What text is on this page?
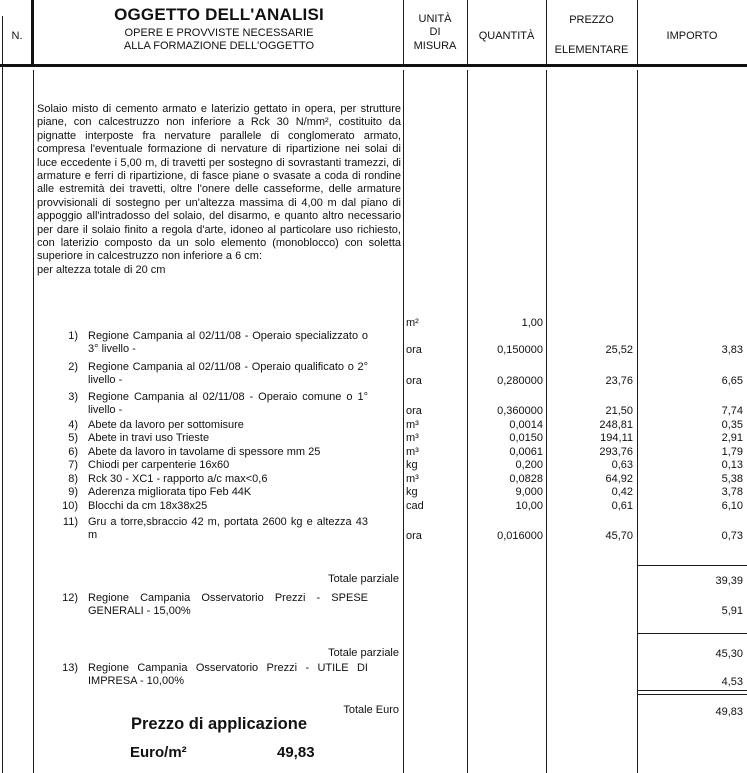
N.
OGGETTO DELL'ANALISI
OPERE E PROVVISTE NECESSARIE
ALLA FORMAZIONE DELL'OGGETTO
UNITÀ
DI
MISURA
QUANTITÀ
PREZZO
ELEMENTARE
IMPORTO
Solaio misto di cemento armato e laterizio gettato in opera, per strutture piane, con calcestruzzo non inferiore a Rck 30 N/mm², costituito da pignatte interposte fra nervature parallele di conglomerato armato, compresa l'eventuale formazione di nervature di ripartizione nei solai di luce eccedente i 5,00 m, di travetti per sostegno di sovrastanti tramezzi, di armature e ferri di ripartizione, di fasce piane o svasate a coda di rondine alle estremità dei travetti, oltre l'onere delle casseforme, delle armature provvisionali di sostegno per un'altezza massima di 4,00 m dal piano di appoggio all'intradosso del solaio, del disarmo, e quanto altro necessario per dare il solaio finito a regola d'arte, idoneo al particolare uso richiesto, con laterizio composto da un solo elemento (monoblocco) con soletta superiore in calcestruzzo non inferiore a 6 cm:
per altezza totale di 20 cm
m²	1,00
1) Regione Campania al 02/11/08 - Operaio specializzato o 3° livello -	ora	0,150000	25,52	3,83
2) Regione Campania al 02/11/08 - Operaio qualificato o 2° livello -	ora	0,280000	23,76	6,65
3) Regione Campania al 02/11/08 - Operaio comune o 1° livello -	ora	0,360000	21,50	7,74
4) Abete da lavoro per sottomisure	m³	0,0014	248,81	0,35
5) Abete in travi uso Trieste	m³	0,0150	194,11	2,91
6) Abete da lavoro in tavolame di spessore mm 25	m³	0,0061	293,76	1,79
7) Chiodi per carpenterie 16x60	kg	0,200	0,63	0,13
8) Rck 30 - XC1 - rapporto a/c max<0,6	m³	0,0828	64,92	5,38
9) Aderenza migliorata tipo Feb 44K	kg	9,000	0,42	3,78
10) Blocchi da cm 18x38x25	cad	10,00	0,61	6,10
11) Gru a torre,sbraccio 42 m, portata 2600 kg e altezza 43 m	ora	0,016000	45,70	0,73
Totale parziale	39,39
12) Regione Campania Osservatorio Prezzi - SPESE GENERALI - 15,00%	5,91
Totale parziale	45,30
13) Regione Campania Osservatorio Prezzi - UTILE DI IMPRESA - 10,00%	4,53
Totale Euro	49,83
Prezzo di applicazione
Euro/m²	49,83
